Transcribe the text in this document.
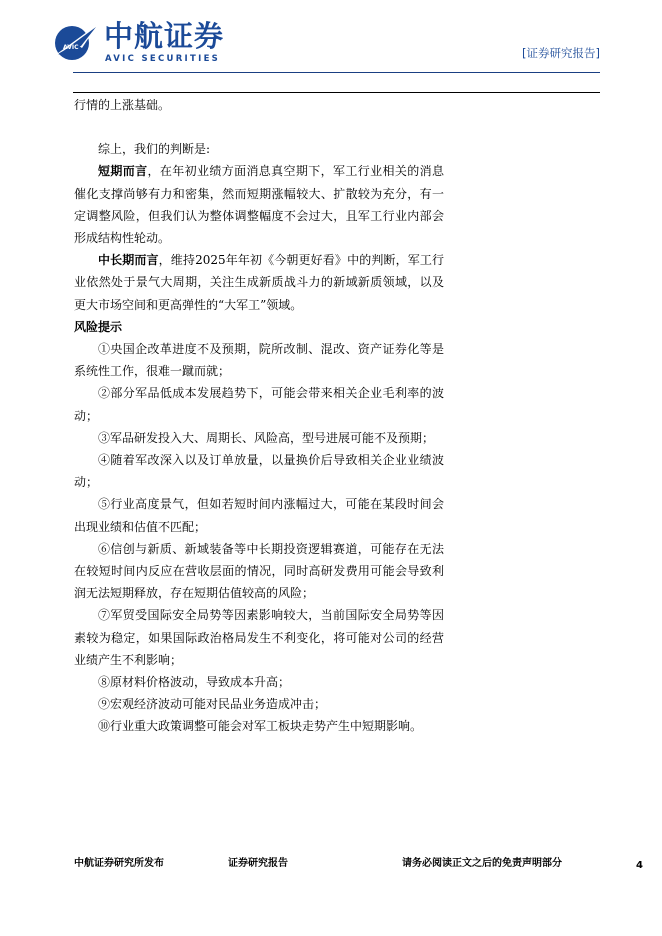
AVIC 中航证券
AVIC SECURITIES	[证券研究报告]

行情的上涨基础。

综上，我们的判断是:

短期而言，在年初业绩方面消息真空期下，军工行业相关的消息催化支撑尚够有力和密集，然而短期涨幅较大、扩散较为充分，有一定调整风险，但我们认为整体调整幅度不会过大，且军工行业内部会形成结构性轮动。

中长期而言，维持2025年年初《今朝更好看》中的判断，军工行业依然处于景气大周期，关注生成新质战斗力的新域新质领域，以及更大市场空间和更高弹性的“大军工”领域。

风险提示

①央国企改革进度不及预期，院所改制、混改、资产证券化等是系统性工作，很难一蹴而就；

②部分军品低成本发展趋势下，可能会带来相关企业毛利率的波动；

③军品研发投入大、周期长、风险高，型号进展可能不及预期；

④随着军改深入以及订单放量，以量换价后导致相关企业业绩波动；

⑤行业高度景气，但如若短时间内涨幅过大，可能在某段时间会出现业绩和估值不匹配；

⑥信创与新质、新域装备等中长期投资逻辑赛道，可能存在无法在较短时间内反应在营收层面的情况，同时高研发费用可能会导致利润无法短期释放，存在短期估值较高的风险；

⑦军贸受国际安全局势等因素影响较大，当前国际安全局势等因素较为稳定，如果国际政治格局发生不利变化，将可能对公司的经营业绩产生不利影响；

⑧原材料价格波动，导致成本升高；

⑨宏观经济波动可能对民品业务造成冲击；

⑩行业重大政策调整可能会对军工板块走势产生中短期影响。

中航证券研究所发布	证券研究报告	请务必阅读正文之后的免责声明部分	4
